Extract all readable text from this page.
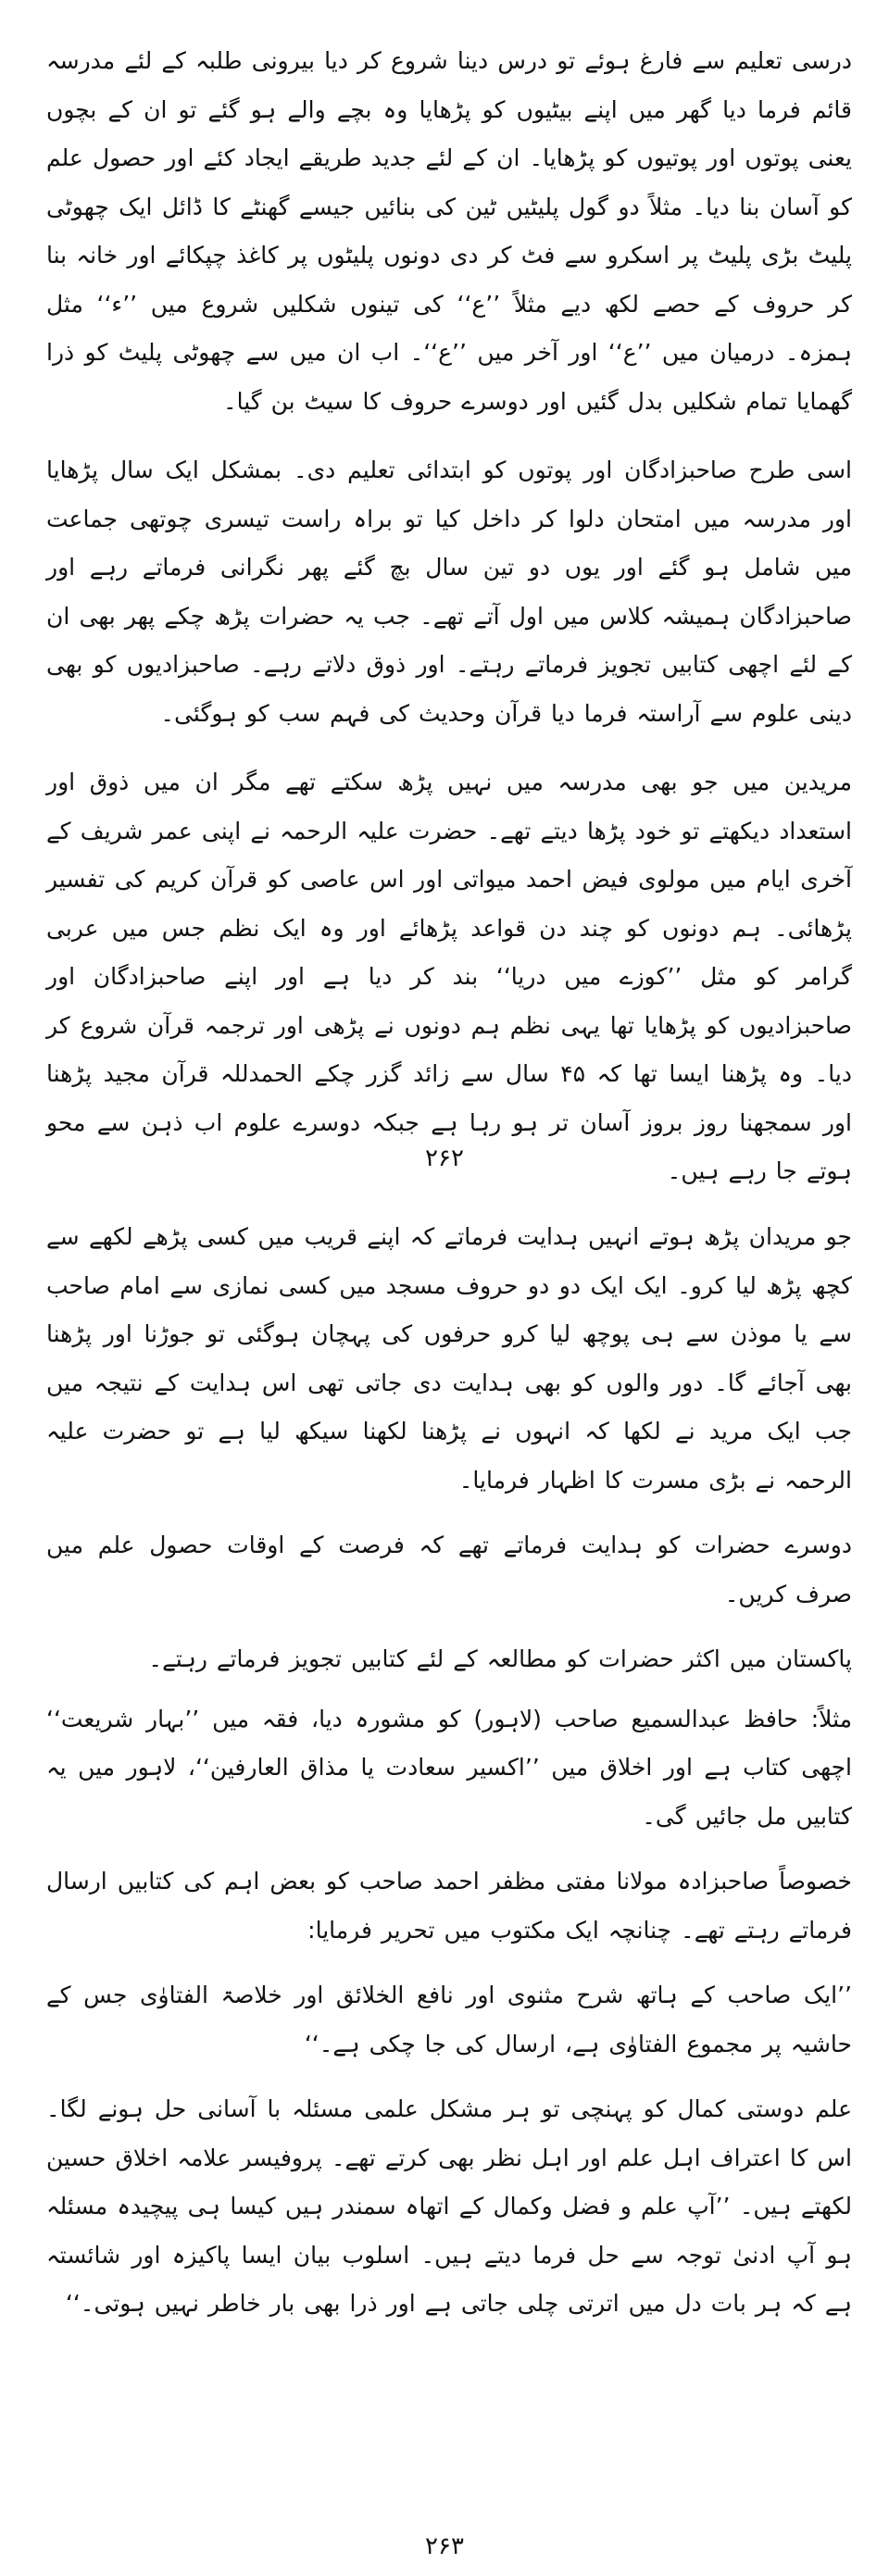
درسی تعلیم سے فارغ ہوئے تو درس دینا شروع کر دیا بیرونی طلبہ کے لئے مدرسہ قائم فرما دیا گھر میں اپنے بیٹیوں کو پڑھایا وہ بچے والے ہو گئے تو ان کے بچوں یعنی پوتوں اور پوتیوں کو پڑھایا۔ ان کے لئے جدید طریقے ایجاد کئے اور حصول علم کو آسان بنا دیا۔ مثلاً دو گول پلیٹیں ٹین کی بنائیں جیسے گھنٹے کا ڈائل ایک چھوٹی پلیٹ بڑی پلیٹ پر اسکرو سے فٹ کر دی دونوں پلیٹوں پر کاغذ چپکائے اور خانہ بنا کر حروف کے حصے لکھ دیے مثلاً ’’ع‘‘ کی تینوں شکلیں شروع میں ’’ء‘‘ مثل ہمزہ۔ درمیان میں ’’ع‘‘ اور آخر میں ’’ع‘‘۔ اب ان میں سے چھوٹی پلیٹ کو ذرا گھمایا تمام شکلیں بدل گئیں اور دوسرے حروف کا سیٹ بن گیا۔

اسی طرح صاحبزادگان اور پوتوں کو ابتدائی تعلیم دی۔ بمشکل ایک سال پڑھایا اور مدرسہ میں امتحان دلوا کر داخل کیا تو براہ راست تیسری چوتھی جماعت میں شامل ہو گئے اور یوں دو تین سال بچ گئے پھر نگرانی فرماتے رہے اور صاحبزادگان ہمیشہ کلاس میں اول آتے تھے۔ جب یہ حضرات پڑھ چکے پھر بھی ان کے لئے اچھی کتابیں تجویز فرماتے رہتے۔ اور ذوق دلاتے رہے۔ صاحبزادیوں کو بھی دینی علوم سے آراستہ فرما دیا قرآن وحدیث کی فہم سب کو ہوگئی۔

مریدین میں جو بھی مدرسہ میں نہیں پڑھ سکتے تھے مگر ان میں ذوق اور استعداد دیکھتے تو خود پڑھا دیتے تھے۔ حضرت علیہ الرحمہ نے اپنی عمر شریف کے آخری ایام میں مولوی فیض احمد میواتی اور اس عاصی کو قرآن کریم کی تفسیر پڑھائی۔ ہم دونوں کو چند دن قواعد پڑھائے اور وہ ایک نظم جس میں عربی گرامر کو مثل ’’کوزے میں دریا‘‘ بند کر دیا ہے اور اپنے صاحبزادگان اور صاحبزادیوں کو پڑھایا تھا یہی نظم ہم دونوں نے پڑھی اور ترجمہ قرآن شروع کر دیا۔ وہ پڑھنا ایسا تھا کہ ۴۵ سال سے زائد گزر چکے الحمدللہ قرآن مجید پڑھنا اور سمجھنا روز بروز آسان تر ہو رہا ہے جبکہ دوسرے علوم اب ذہن سے محو ہوتے جا رہے ہیں۔

۲۶۲

جو مریدان پڑھ ہوتے انہیں ہدایت فرماتے کہ اپنے قریب میں کسی پڑھے لکھے سے کچھ پڑھ لیا کرو۔ ایک ایک دو دو حروف مسجد میں کسی نمازی سے امام صاحب سے یا موذن سے ہی پوچھ لیا کرو حرفوں کی پہچان ہوگئی تو جوڑنا اور پڑھنا بھی آجائے گا۔ دور والوں کو بھی ہدایت دی جاتی تھی اس ہدایت کے نتیجہ میں جب ایک مرید نے لکھا کہ انہوں نے پڑھنا لکھنا سیکھ لیا ہے تو حضرت علیہ الرحمہ نے بڑی مسرت کا اظہار فرمایا۔

دوسرے حضرات کو ہدایت فرماتے تھے کہ فرصت کے اوقات حصول علم میں صرف کریں۔

پاکستان میں اکثر حضرات کو مطالعہ کے لئے کتابیں تجویز فرماتے رہتے۔

مثلاً: حافظ عبدالسمیع صاحب (لاہور) کو مشورہ دیا، فقہ میں ’’بہار شریعت‘‘ اچھی کتاب ہے اور اخلاق میں ’’اکسیر سعادت یا مذاق العارفین‘‘، لاہور میں یہ کتابیں مل جائیں گی۔

خصوصاً صاحبزادہ مولانا مفتی مظفر احمد صاحب کو بعض اہم کی کتابیں ارسال فرماتے رہتے تھے۔ چنانچہ ایک مکتوب میں تحریر فرمایا:

’’ایک صاحب کے ہاتھ شرح مثنوی اور نافع الخلائق اور خلاصۃ الفتاوٰی جس کے حاشیہ پر مجموع الفتاوٰی ہے، ارسال کی جا چکی ہے۔‘‘

علم دوستی کمال کو پہنچی تو ہر مشکل علمی مسئلہ با آسانی حل ہونے لگا۔ اس کا اعتراف اہل علم اور اہل نظر بھی کرتے تھے۔ پروفیسر علامہ اخلاق حسین لکھتے ہیں۔ ’’آپ علم و فضل وکمال کے اتھاہ سمندر ہیں کیسا ہی پیچیدہ مسئلہ ہو آپ ادنیٰ توجہ سے حل فرما دیتے ہیں۔ اسلوب بیان ایسا پاکیزہ اور شائستہ ہے کہ ہر بات دل میں اترتی چلی جاتی ہے اور ذرا بھی بار خاطر نہیں ہوتی۔‘‘

۲۶۳
